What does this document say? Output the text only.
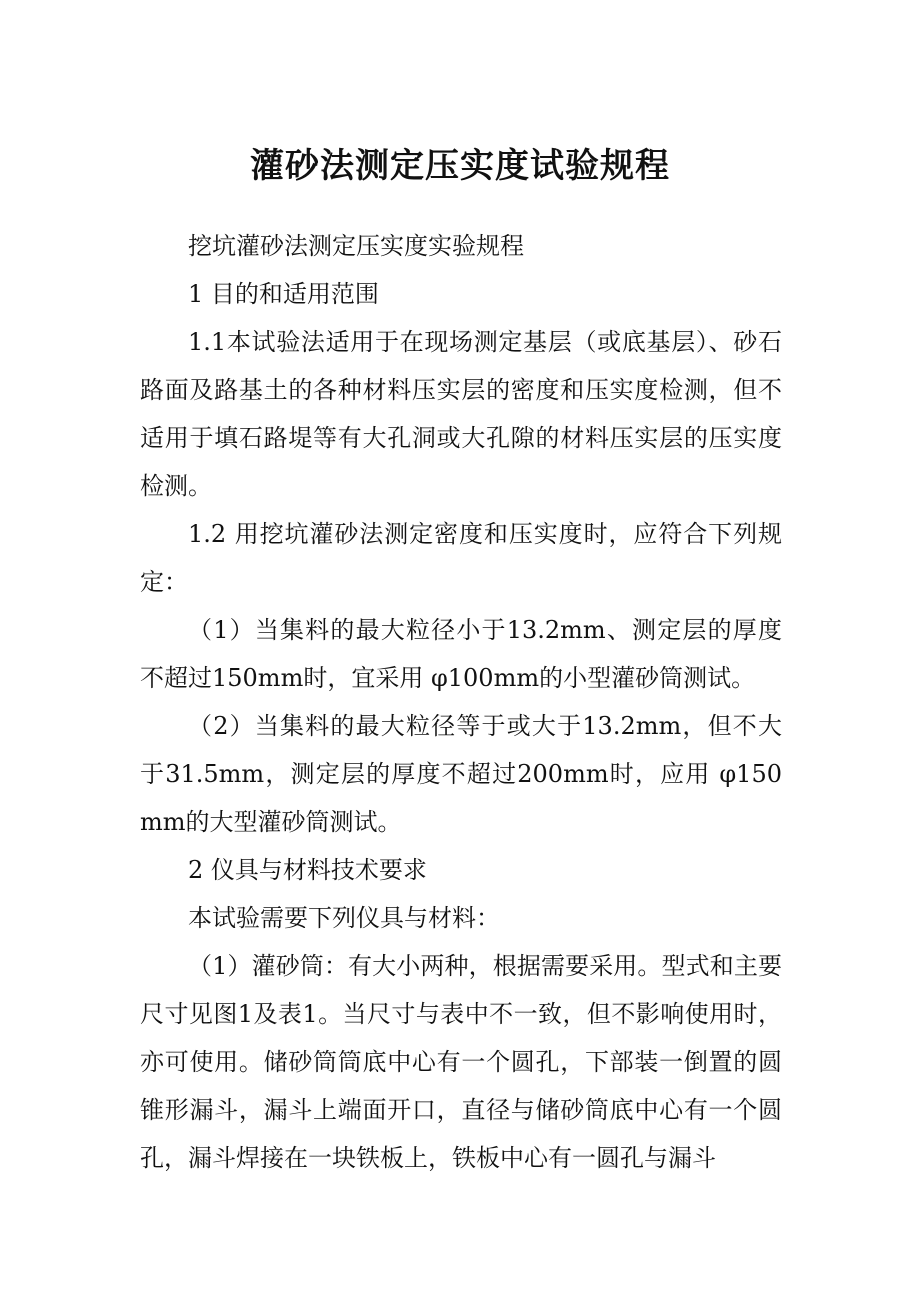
灌砂法测定压实度试验规程

挖坑灌砂法测定压实度实验规程

1 目的和适用范围

1.1本试验法适用于在现场测定基层（或底基层）、砂石路面及路基土的各种材料压实层的密度和压实度检测，但不适用于填石路堤等有大孔洞或大孔隙的材料压实层的压实度检测。

1.2 用挖坑灌砂法测定密度和压实度时，应符合下列规定：

（1）当集料的最大粒径小于13.2mm、测定层的厚度不超过150mm时，宜采用 φ100mm的小型灌砂筒测试。

（2）当集料的最大粒径等于或大于13.2mm，但不大于31.5mm，测定层的厚度不超过200mm时，应用 φ150mm的大型灌砂筒测试。

2 仪具与材料技术要求

本试验需要下列仪具与材料：

（1）灌砂筒：有大小两种，根据需要采用。型式和主要尺寸见图1及表1。当尺寸与表中不一致，但不影响使用时，亦可使用。储砂筒筒底中心有一个圆孔，下部装一倒置的圆锥形漏斗，漏斗上端面开口，直径与储砂筒底中心有一个圆孔，漏斗焊接在一块铁板上，铁板中心有一圆孔与漏斗
